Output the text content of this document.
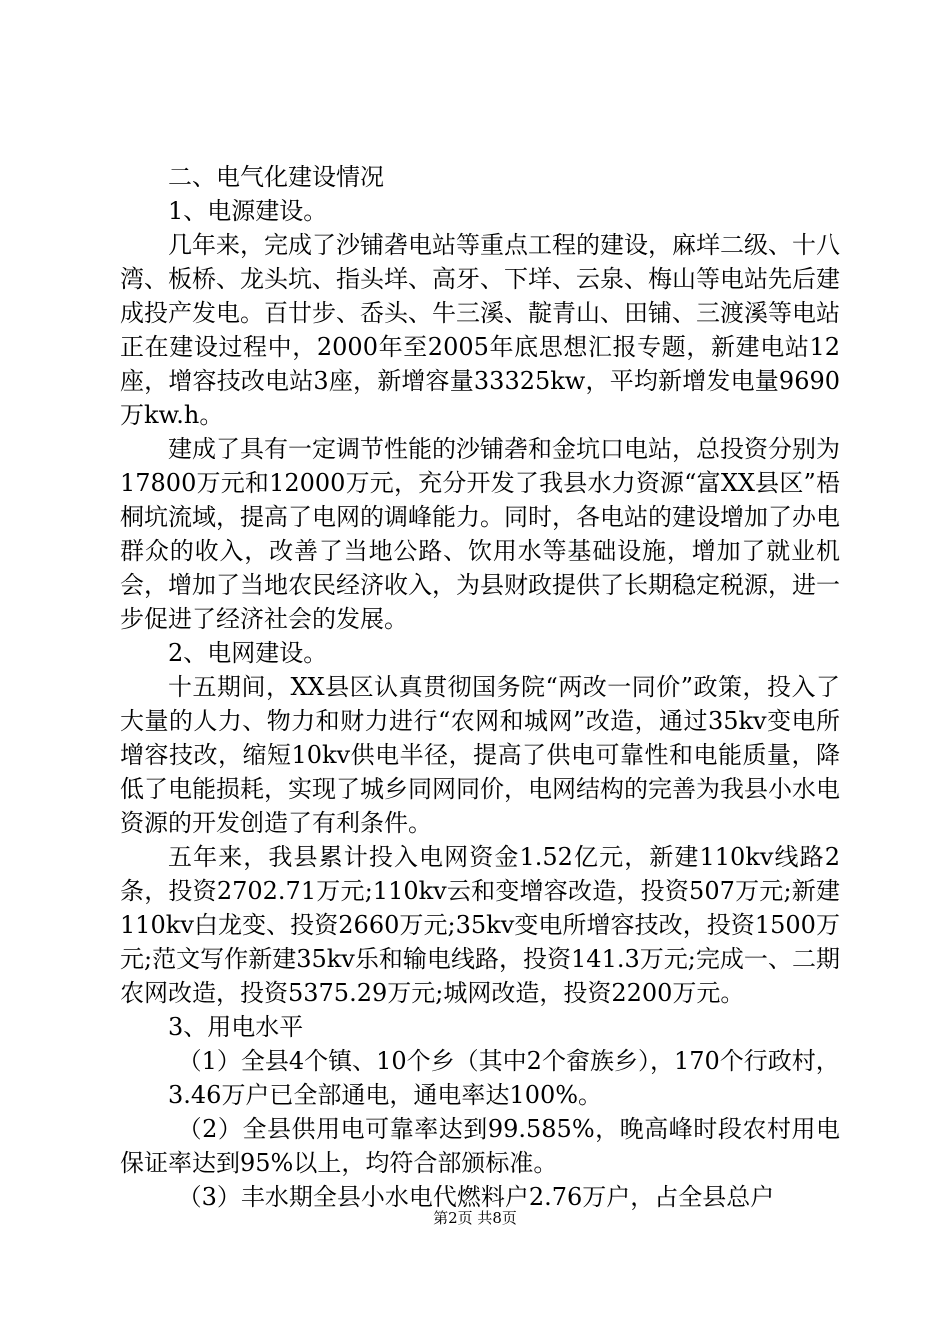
二、电气化建设情况

1、电源建设。

几年来，完成了沙铺砻电站等重点工程的建设，麻垟二级、十八湾、板桥、龙头坑、指头垟、高牙、下垟、云泉、梅山等电站先后建成投产发电。百廿步、岙头、牛三溪、靛青山、田铺、三渡溪等电站正在建设过程中，2000年至2005年底思想汇报专题，新建电站12座，增容技改电站3座，新增容量33325kw，平均新增发电量9690万kw.h。

建成了具有一定调节性能的沙铺砻和金坑口电站，总投资分别为17800万元和12000万元，充分开发了我县水力资源“富XX县区”梧桐坑流域，提高了电网的调峰能力。同时，各电站的建设增加了办电群众的收入，改善了当地公路、饮用水等基础设施，增加了就业机会，增加了当地农民经济收入，为县财政提供了长期稳定税源，进一步促进了经济社会的发展。

2、电网建设。

十五期间，XX县区认真贯彻国务院“两改一同价”政策，投入了大量的人力、物力和财力进行“农网和城网”改造，通过35kv变电所增容技改，缩短10kv供电半径，提高了供电可靠性和电能质量，降低了电能损耗，实现了城乡同网同价，电网结构的完善为我县小水电资源的开发创造了有利条件。

五年来，我县累计投入电网资金1.52亿元，新建110kv线路2条，投资2702.71万元;110kv云和变增容改造，投资507万元;新建110kv白龙变、投资2660万元;35kv变电所增容技改，投资1500万元;范文写作新建35kv乐和输电线路，投资141.3万元;完成一、二期农网改造，投资5375.29万元;城网改造，投资2200万元。

3、用电水平

（1）全县4个镇、10个乡（其中2个畲族乡），170个行政村，

3.46万户已全部通电，通电率达100%。

（2）全县供用电可靠率达到99.585%，晚高峰时段农村用电保证率达到95%以上，均符合部颁标准。

（3）丰水期全县小水电代燃料户2.76万户，占全县总户

第2页 共8页
